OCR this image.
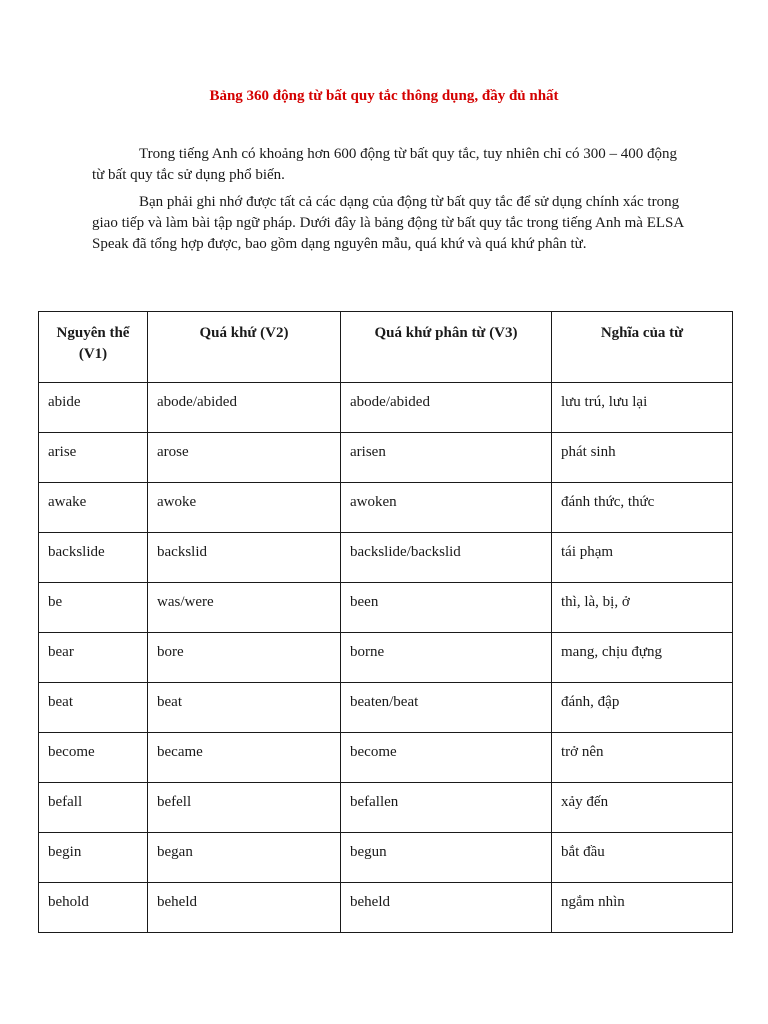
Bảng 360 động từ bất quy tắc thông dụng, đầy đủ nhất

Trong tiếng Anh có khoảng hơn 600 động từ bất quy tắc, tuy nhiên chỉ có 300 – 400 động từ bất quy tắc sử dụng phổ biến.

Bạn phải ghi nhớ được tất cả các dạng của động từ bất quy tắc để sử dụng chính xác trong giao tiếp và làm bài tập ngữ pháp. Dưới đây là bảng động từ bất quy tắc trong tiếng Anh mà ELSA Speak đã tổng hợp được, bao gồm dạng nguyên mẫu, quá khứ và quá khứ phân từ.

Nguyên thể (V1)	Quá khứ (V2)	Quá khứ phân từ (V3)	Nghĩa của từ
abide	abode/abided	abode/abided	lưu trú, lưu lại
arise	arose	arisen	phát sinh
awake	awoke	awoken	đánh thức, thức
backslide	backslid	backslide/backslid	tái phạm
be	was/were	been	thì, là, bị, ở
bear	bore	borne	mang, chịu đựng
beat	beat	beaten/beat	đánh, đập
become	became	become	trở nên
befall	befell	befallen	xảy đến
begin	began	begun	bắt đầu
behold	beheld	beheld	ngắm nhìn
